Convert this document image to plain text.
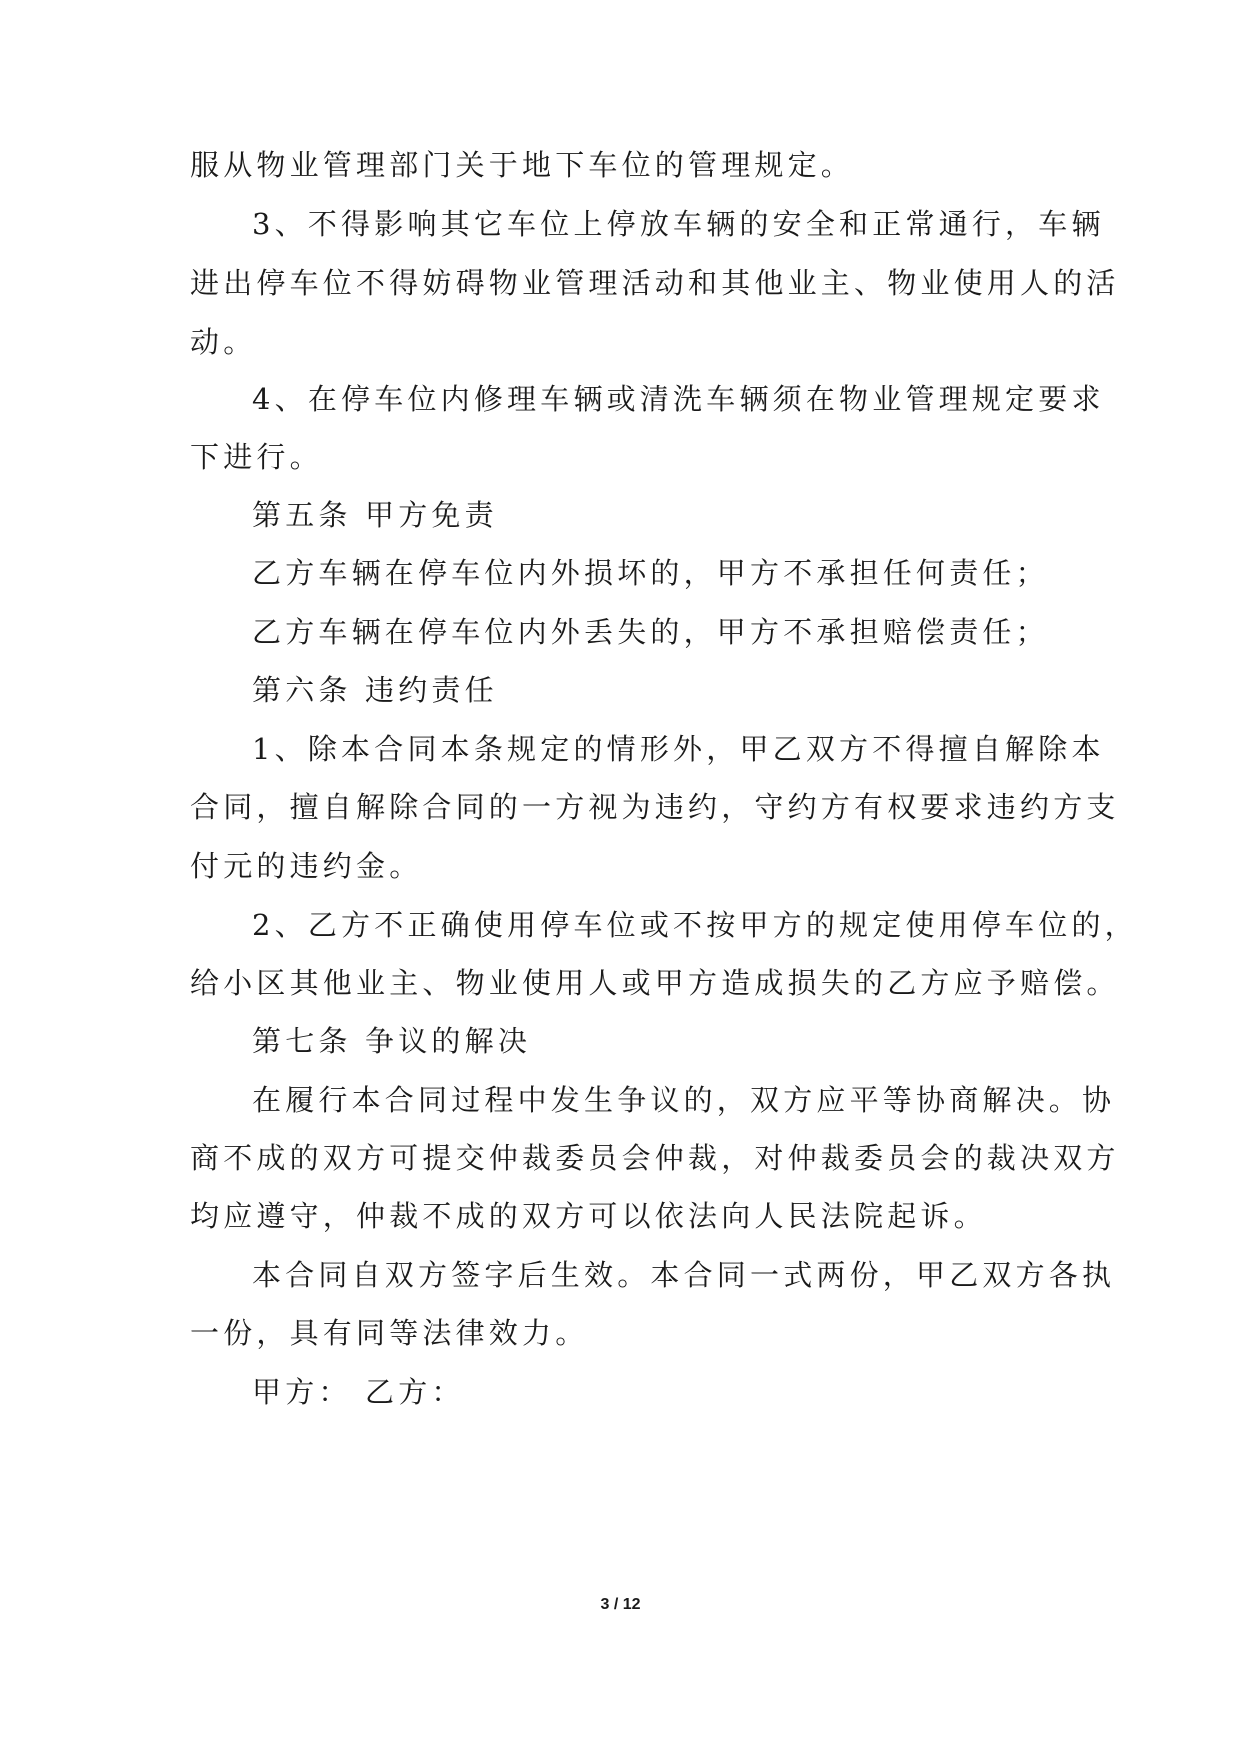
服从物业管理部门关于地下车位的管理规定。
3、不得影响其它车位上停放车辆的安全和正常通行，车辆
进出停车位不得妨碍物业管理活动和其他业主、物业使用人的活
动。
4、在停车位内修理车辆或清洗车辆须在物业管理规定要求
下进行。
第五条 甲方免责
乙方车辆在停车位内外损坏的，甲方不承担任何责任；
乙方车辆在停车位内外丢失的，甲方不承担赔偿责任；
第六条 违约责任
1、除本合同本条规定的情形外，甲乙双方不得擅自解除本
合同，擅自解除合同的一方视为违约，守约方有权要求违约方支
付元的违约金。
2、乙方不正确使用停车位或不按甲方的规定使用停车位的，
给小区其他业主、物业使用人或甲方造成损失的乙方应予赔偿。
第七条 争议的解决
在履行本合同过程中发生争议的，双方应平等协商解决。协
商不成的双方可提交仲裁委员会仲裁，对仲裁委员会的裁决双方
均应遵守，仲裁不成的双方可以依法向人民法院起诉。
本合同自双方签字后生效。本合同一式两份，甲乙双方各执
一份，具有同等法律效力。
甲方： 乙方：
3 / 12
